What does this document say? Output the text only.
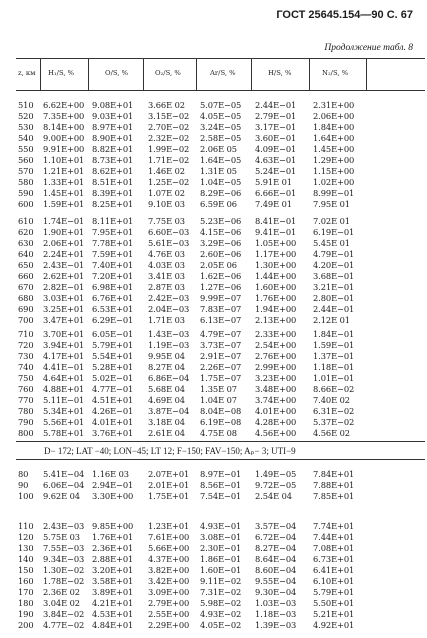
ГОСТ 25645.154—90 С. 67
Продолжение табл. 8
z, км H₁/S, %	O/S, %	O₂/S, %	Ar/S, %	H/S, %	N₂/S, %
510	6.62E+00 9.08E+01 3.66E 02 5.07E−05 2.44E−01 2.31E+00
520	7.35E+00 9.03E+01 3.15E−02 4.05E−05 2.79E−01 2.06E+00
530	8.14E+00 8.97E+01 2.70E−02 3.24E−05 3.17E−01 1.84E+00
540	9.00E+00 8.90E+01 2.32E−02 2.58E−05 3.60E−01 1.64E+00
550	9.91E+00 8.82E+01 1.99E−02 2.06E 05 4.09E−01 1.45E+00
560	1.10E+01 8.73E+01 1.71E−02 1.64E−05 4.63E−01 1.29E+00
570	1.21E+01 8.62E+01 1.46E 02 1.31E 05 5.24E−01 1.15E+00
580	1.33E+01 8.51E+01 1.25E−02 1.04E−05 5.91E 01	1.02E+00
590	1.45E+01 8.39E+01 1.07E 02 8.29E−06 6.66E−01 8.99E−01
600	1.59E+01 8.25E+01 9.10E 03 6.59E 06 7.49E 01	7.95E 01
610	1.74E−01 8.11E+01 7.75E 03 5.23E−06 8.41E−01 7.02E 01
620	1.90E+01 7.95E+01 6.60E−03 4.15E−06 9.41E−01 6.19E−01
630	2.06E+01 7.78E+01 5.61E−03 3.29E−06 1.05E+00 5.45E 01
640	2.24E+01 7.59E+01 4.76E 03 2.60E−06 1.17E+00 4.79E−01
650	2.43E−01 7.40E+01 4.03E 03 2.05E 06 1.30E+00 4.20E−01
660	2.62E+01 7.20E+01 3.41E 03 1.62E−06 1.44E+00 3.68E−01
670	2.82E−01 6.98E+01 2.87E 03 1.27E−06 1.60E+00 3.21E−01
680	3.03E+01 6.76E+01 2.42E−03 9.99E−07 1.76E+00 2.80E−01
690	3.25E+01 6.53E+01 2.04E−03 7.83E−07 1.94E+00 2.44E−01
700	3.47E+01 6.29E−01 1.71E 03 6.13E−07 2.13E+00 2.12E 01
710	3.70E+01 6.05E−01 1.43E−03 4.79E−07 2.33E+00 1.84E−01
720	3.94E+01 5.79E+01 1.19E−03 3.73E−07 2.54E+00 1.59E−01
730	4.17E+01 5.54E+01 9.95E 04 2.91E−07 2.76E+00 1.37E−01
740	4.41E−01 5.28E+01 8.27E 04 2.26E−07 2.99E+00 1.18E−01
750	4.64E+01 5.02E−01 6.86E−04 1.75E−07 3.23E+00 1.01E−01
760	4.88E+01 4.77E−01 5.68E 04 1.35E 07 3.48E+00 8.66E−02
770	5.11E−01 4.51E+01 4.69E 04 1.04E 07 3.74E+00 7.40E 02
780	5.34E+01 4.26E−01 3.87E−04 8.04E−08 4.01E+00 6.31E−02
790	5.56E+01 4.01E+01 3.18E 04 6.19E−08 4.28E+00 5.37E−02
800	5.78E+01 3.76E+01 2.61E 04 4.75E 08 4.56E+00 4.56E 02
80	5.41E−04 1.16E 03 2.07E+01 8.97E−01 1.49E−05 7.84E+01
90	6.06E−04 2.94E−01 2.01E+01 8.56E−01 9.72E−05 7.88E+01
100	9.62E 04 3.30E+00 1.75E+01 7.54E−01 2.54E 04	7.85E+01
110	2.43E−03 9.85E+00 1.23E+01 4.93E−01 3.57E−04 7.74E+01
120	5.75E 03 1.76E+01 7.61E+00 3.08E−01 6.72E−04 7.44E+01
130	7.55E−03 2.36E+01 5.66E+00 2.30E−01 8.27E−04 7.08E+01
140	9.34E−03 2.88E+01 4.37E+00 1.86E−01 8.64E−04 6.73E+01
150	1.30E−02 3.20E+01 3.82E+00 1.60E−01 8.60E−04 6.41E+01
160	1.78E−02 3.58E+01 3.42E+00 9.11E−02 9.55E−04 6.10E+01
170	2.36E 02 3.89E+01 3.09E+00 7.31E−02 9.30E−04 5.79E+01
180	3.04E 02 4.21E+01 2.79E+00 5.98E−02 1.03E−03 5.50E+01
190	3.84E−02 4.53E+01 2.55E+00 4.93E−02 1.18E−03 5.21E+01
200	4.77E−02 4.84E+01 2.29E+00 4.05E−02 1.39E−03 4.92E+01
D− 172; LAT −40; LON−45; LT 12; F−150; FAV−150; Aₚ− 3; UTI−9
